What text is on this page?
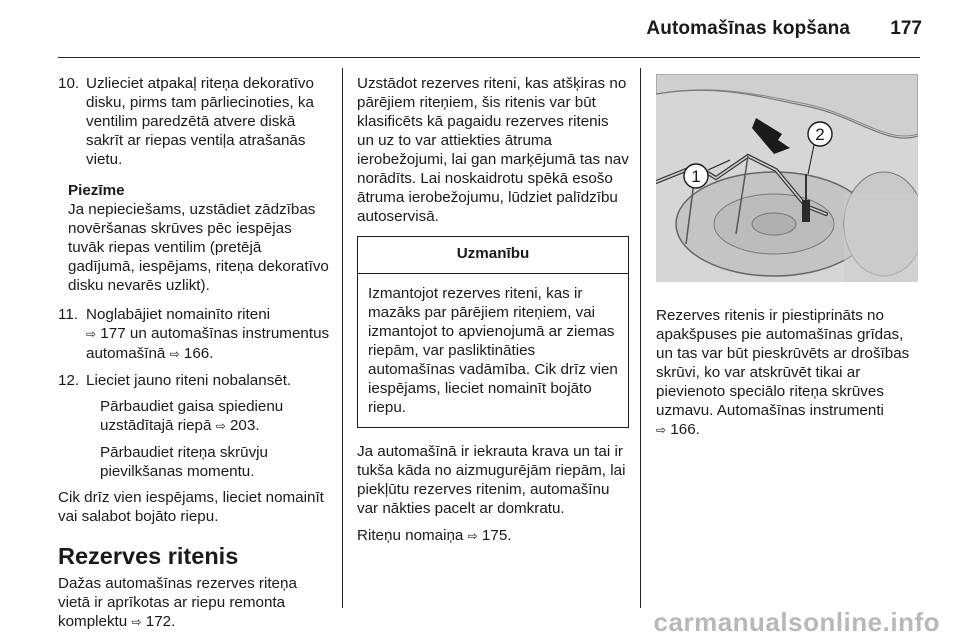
Automašīnas kopšana 177
10. Uzlieciet atpakaļ riteņa dekoratīvo disku, pirms tam pārliecinoties, ka ventilim paredzētā atvere diskā sakrīt ar riepas ventiļa atrašanās vietu.
Piezīme
Ja nepieciešams, uzstādiet zādzības novēršanas skrūves pēc iespējas tuvāk riepas ventilim (pretējā gadījumā, iespējams, riteņa dekoratīvo disku nevarēs uzlikt).
11. Noglabājiet nomainīto riteni
⇨ 177 un automašīnas instrumentus automašīnā ⇨ 166.
12. Lieciet jauno riteni nobalansēt.
Pārbaudiet gaisa spiedienu uzstādītajā riepā ⇨ 203.
Pārbaudiet riteņa skrūvju pievilkšanas momentu.
Cik drīz vien iespējams, lieciet nomainīt vai salabot bojāto riepu.
Rezerves ritenis
Dažas automašīnas rezerves riteņa vietā ir aprīkotas ar riepu remonta komplektu ⇨ 172.
Uzstādot rezerves riteni, kas atšķiras no pārējiem riteņiem, šis ritenis var būt klasificēts kā pagaidu rezerves ritenis un uz to var attiekties ātruma ierobežojumi, lai gan marķējumā tas nav norādīts. Lai noskaidrotu spēkā esošo ātruma ierobežojumu, lūdziet palīdzību autoservisā.
Uzmanību
Izmantojot rezerves riteni, kas ir mazāks par pārējiem riteņiem, vai izmantojot to apvienojumā ar ziemas riepām, var pasliktināties automašīnas vadāmība. Cik drīz vien iespējams, lieciet nomainīt bojāto riepu.
Ja automašīnā ir iekrauta krava un tai ir tukša kāda no aizmugurējām riepām, lai piekļūtu rezerves ritenim, automašīnu var nākties pacelt ar domkratu.
Riteņu nomaiņa ⇨ 175.
1
2
Rezerves ritenis ir piestiprināts no apakšpuses pie automašīnas grīdas, un tas var būt pieskrūvēts ar drošības skrūvi, ko var atskrūvēt tikai ar pievienoto speciālo riteņa skrūves uzmavu. Automašīnas instrumenti
⇨ 166.
carmanualsonline.info
